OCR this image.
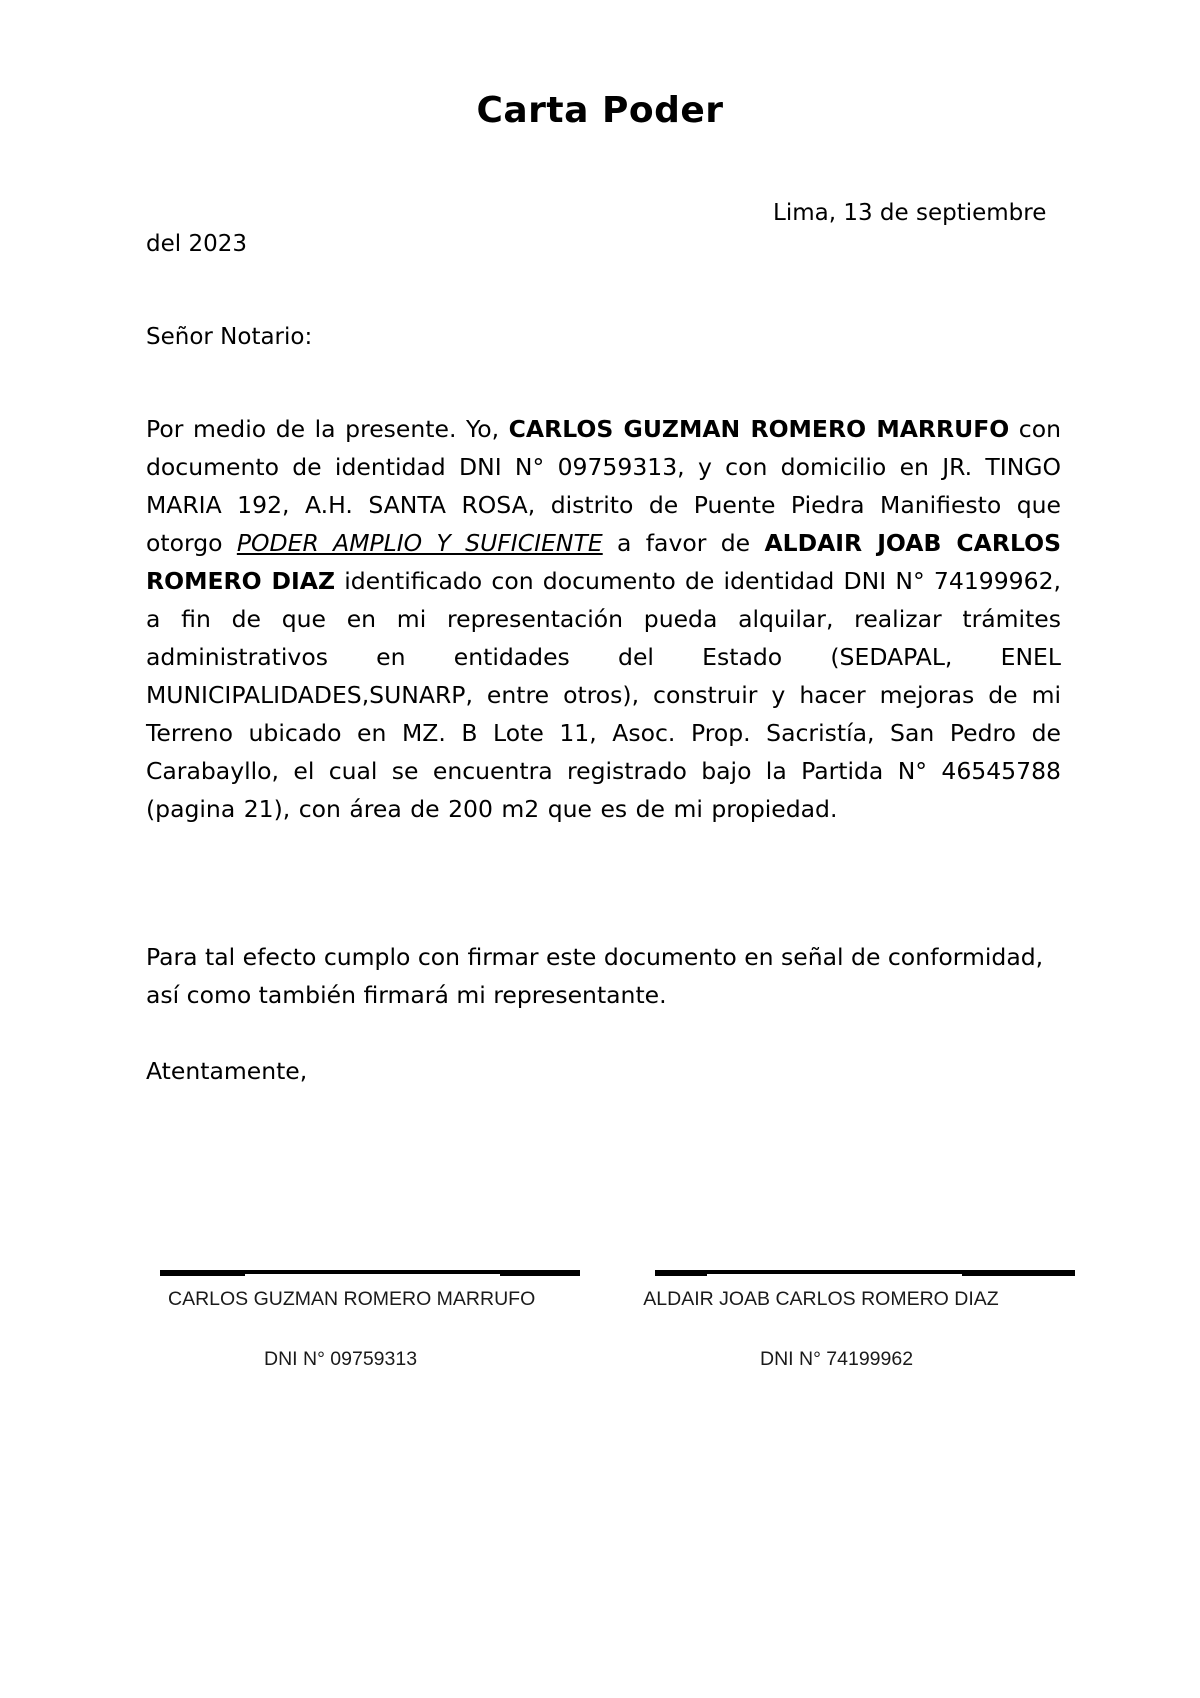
Carta Poder
Lima, 13 de septiembre del 2023
Señor Notario:
Por medio de la presente. Yo, CARLOS GUZMAN ROMERO MARRUFO con documento de identidad DNI N° 09759313, y con domicilio en JR. TINGO MARIA 192, A.H. SANTA ROSA, distrito de Puente Piedra Manifiesto que otorgo PODER AMPLIO Y SUFICIENTE a favor de ALDAIR JOAB CARLOS ROMERO DIAZ identificado con documento de identidad DNI N° 74199962, a fin de que en mi representación pueda alquilar, realizar trámites administrativos en entidades del Estado (SEDAPAL, ENEL MUNICIPALIDADES,SUNARP, entre otros), construir y hacer mejoras de mi Terreno ubicado en MZ. B Lote 11, Asoc. Prop. Sacristía, San Pedro de Carabayllo, el cual se encuentra registrado bajo la Partida N° 46545788 (pagina 21), con área de 200 m2 que es de mi propiedad.
Para tal efecto cumplo con firmar este documento en señal de conformidad, así como también firmará mi representante.
Atentamente,
CARLOS GUZMAN ROMERO MARRUFO	ALDAIR JOAB CARLOS ROMERO DIAZ
DNI N° 09759313	DNI N° 74199962
